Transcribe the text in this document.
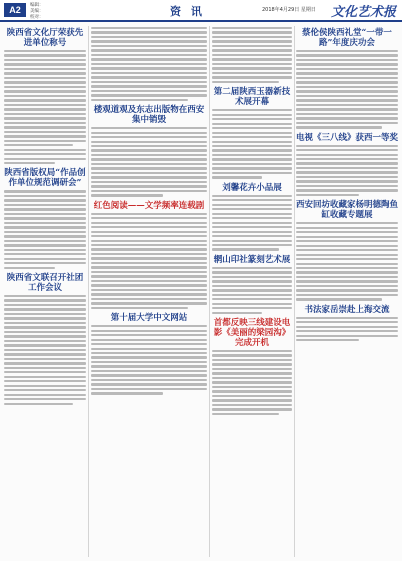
A2	编辑：
美编：
校对：	资 讯	2018年4月29日 星期日 文化艺术报
陕西省文化厅荣获先进单位称号
陕西省版权局“作品创作单位规范调研会”
陕西省文联召开社团工作会议
楼观道观及东志出版物在西安集中销毁
红色阅读——文学频率连载剧
第十届大学中文网站
第二届陕西玉器新技术展开幕
刘馨花卉小品展
辋山印社篆刻艺术展
首都反映三线建设电影《美丽的梁园沟》完成开机
蔡伦侯陕西礼堂“一带一路”年度庆功会
电视《三八线》获西一等奖
西安回坊收藏家杨明德陶鱼缸收藏专题展
书法家岳崇赴上海交流
